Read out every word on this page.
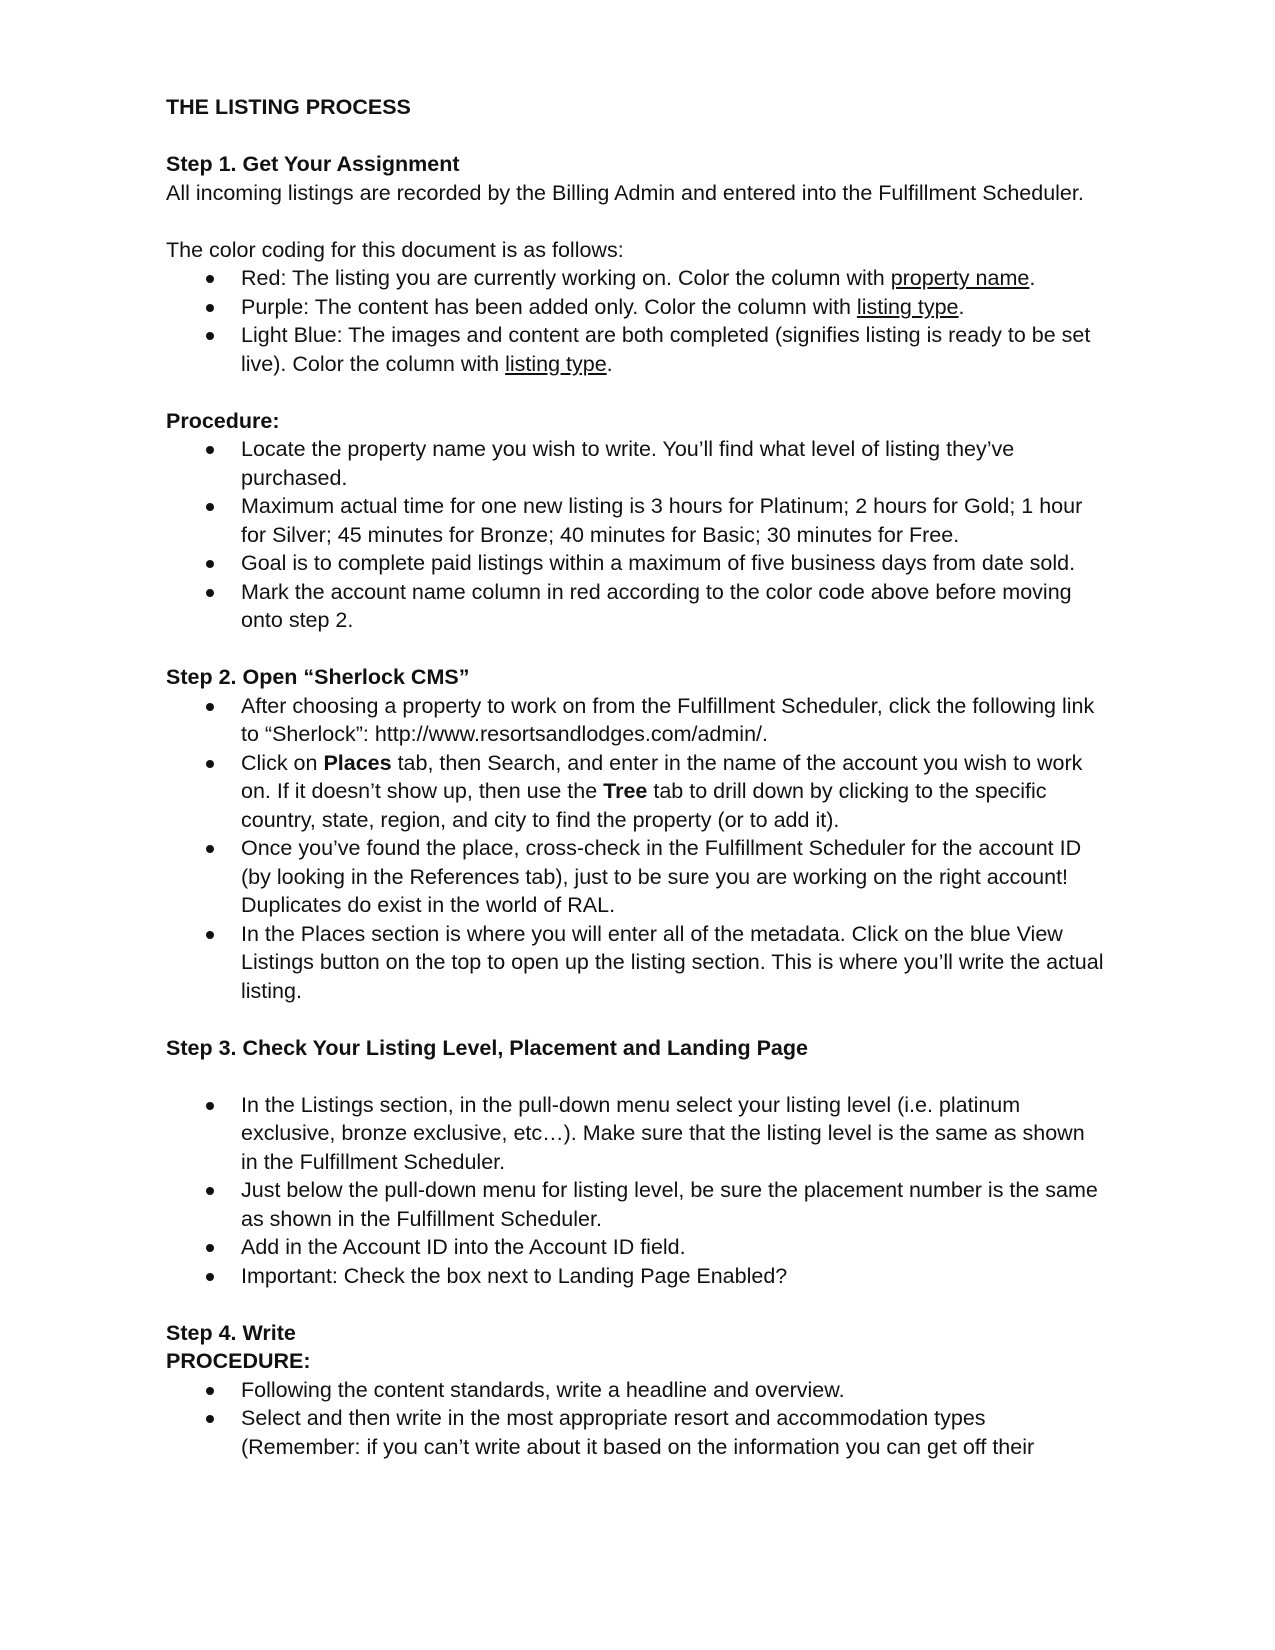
THE LISTING PROCESS

Step 1. Get Your Assignment

All incoming listings are recorded by the Billing Admin and entered into the Fulfillment Scheduler.

The color coding for this document is as follows:

Red: The listing you are currently working on. Color the column with property name.
Purple: The content has been added only. Color the column with listing type.
Light Blue: The images and content are both completed (signifies listing is ready to be set live). Color the column with listing type.

Procedure:

Locate the property name you wish to write. You’ll find what level of listing they’ve purchased.
Maximum actual time for one new listing is 3 hours for Platinum; 2 hours for Gold; 1 hour for Silver; 45 minutes for Bronze; 40 minutes for Basic; 30 minutes for Free.
Goal is to complete paid listings within a maximum of five business days from date sold.
Mark the account name column in red according to the color code above before moving onto step 2.

Step 2. Open “Sherlock CMS”

After choosing a property to work on from the Fulfillment Scheduler, click the following link to “Sherlock”: http://www.resortsandlodges.com/admin/.
Click on Places tab, then Search, and enter in the name of the account you wish to work on. If it doesn’t show up, then use the Tree tab to drill down by clicking to the specific country, state, region, and city to find the property (or to add it).
Once you’ve found the place, cross-check in the Fulfillment Scheduler for the account ID (by looking in the References tab), just to be sure you are working on the right account! Duplicates do exist in the world of RAL.
In the Places section is where you will enter all of the metadata. Click on the blue View Listings button on the top to open up the listing section. This is where you’ll write the actual listing.

Step 3. Check Your Listing Level, Placement and Landing Page

In the Listings section, in the pull-down menu select your listing level (i.e. platinum exclusive, bronze exclusive, etc…). Make sure that the listing level is the same as shown in the Fulfillment Scheduler.
Just below the pull-down menu for listing level, be sure the placement number is the same as shown in the Fulfillment Scheduler.
Add in the Account ID into the Account ID field.
Important: Check the box next to Landing Page Enabled?

Step 4. Write

PROCEDURE:

Following the content standards, write a headline and overview.
Select and then write in the most appropriate resort and accommodation types (Remember: if you can’t write about it based on the information you can get off their
